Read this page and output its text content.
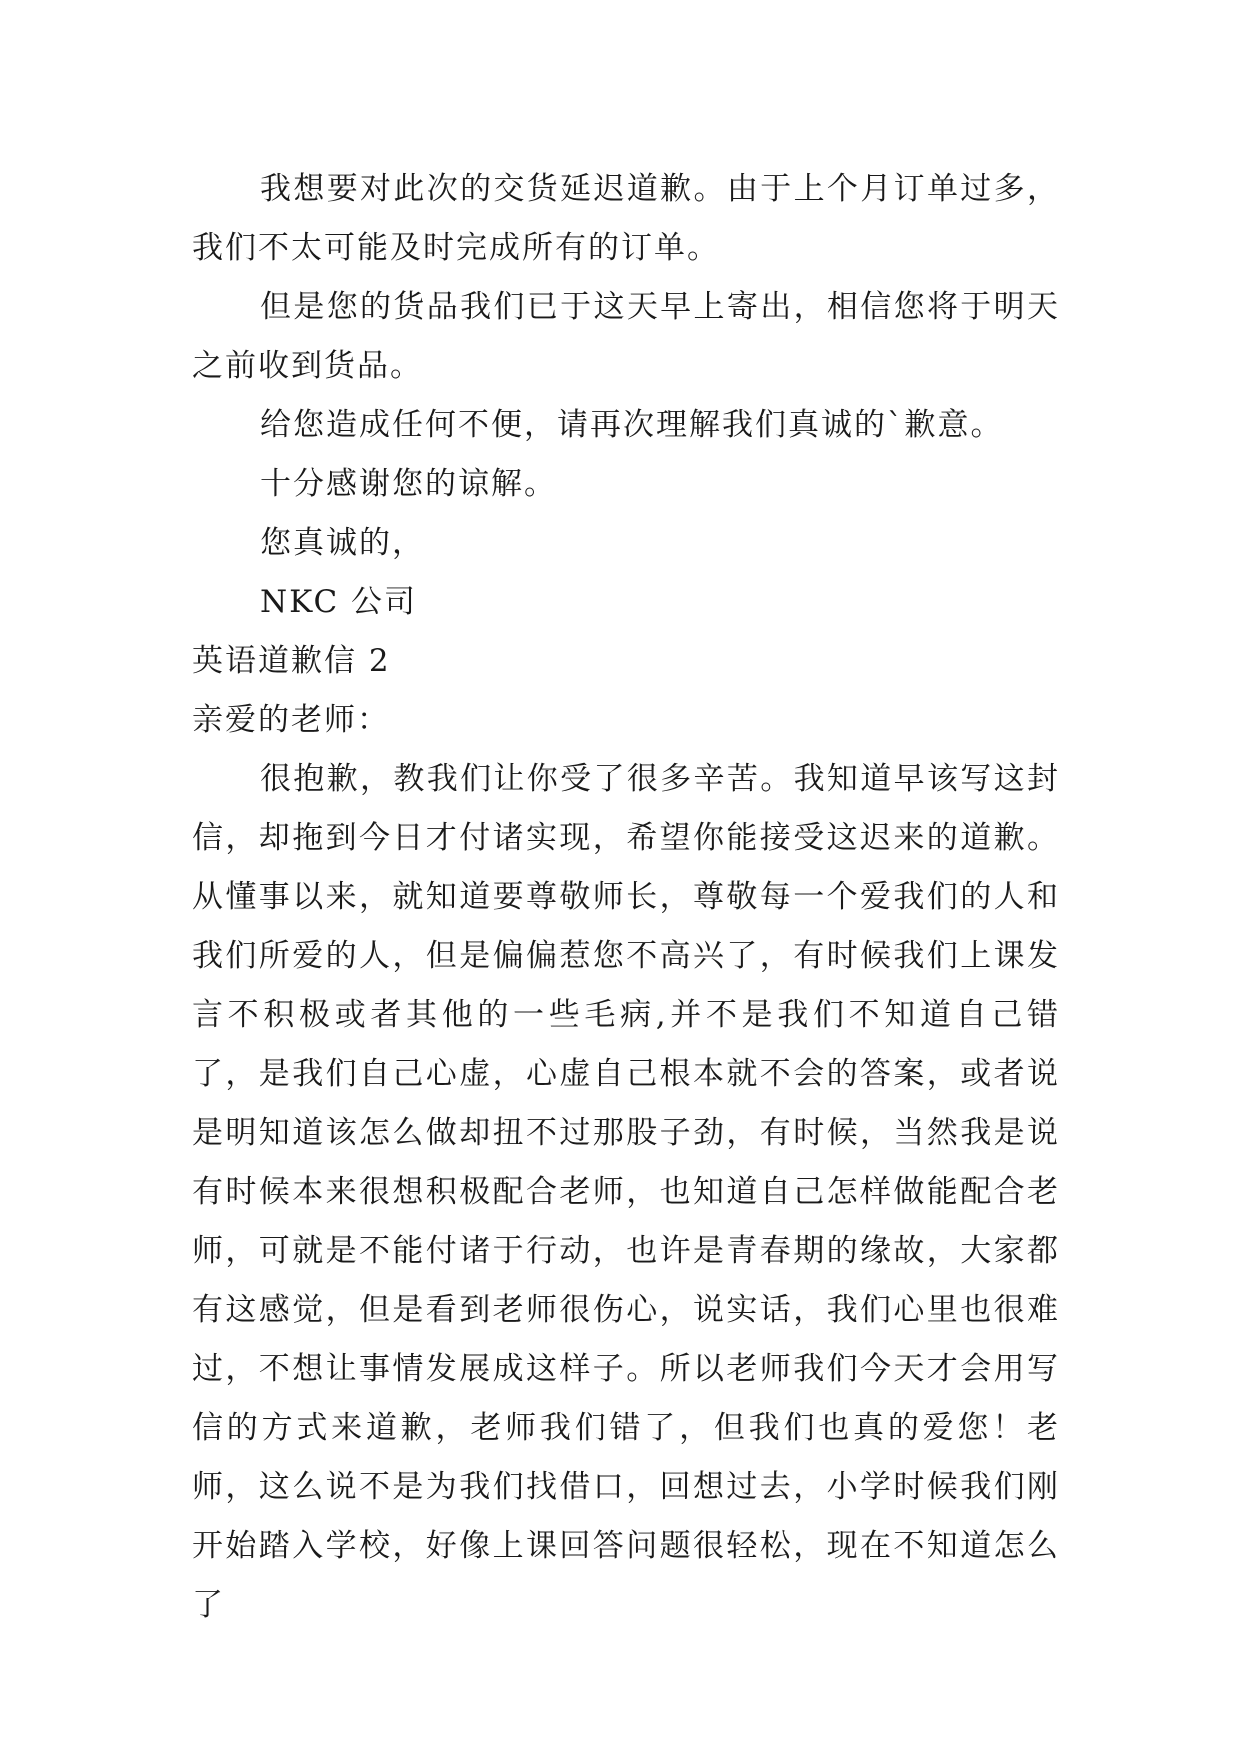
我想要对此次的交货延迟道歉。由于上个月订单过多，我们不太可能及时完成所有的订单。

但是您的货品我们已于这天早上寄出，相信您将于明天之前收到货品。

给您造成任何不便，请再次理解我们真诚的`歉意。

十分感谢您的谅解。

您真诚的，

NKC 公司

英语道歉信 2

亲爱的老师：

很抱歉，教我们让你受了很多辛苦。我知道早该写这封信，却拖到今日才付诸实现，希望你能接受这迟来的道歉。从懂事以来，就知道要尊敬师长，尊敬每一个爱我们的人和我们所爱的人，但是偏偏惹您不高兴了，有时候我们上课发言不积极或者其他的一些毛病,并不是我们不知道自己错了，是我们自己心虚，心虚自己根本就不会的答案，或者说是明知道该怎么做却扭不过那股子劲，有时候，当然我是说有时候本来很想积极配合老师，也知道自己怎样做能配合老师，可就是不能付诸于行动，也许是青春期的缘故，大家都有这感觉，但是看到老师很伤心，说实话，我们心里也很难过，不想让事情发展成这样子。所以老师我们今天才会用写信的方式来道歉，老师我们错了，但我们也真的爱您！老师，这么说不是为我们找借口，回想过去，小学时候我们刚开始踏入学校，好像上课回答问题很轻松，现在不知道怎么了
